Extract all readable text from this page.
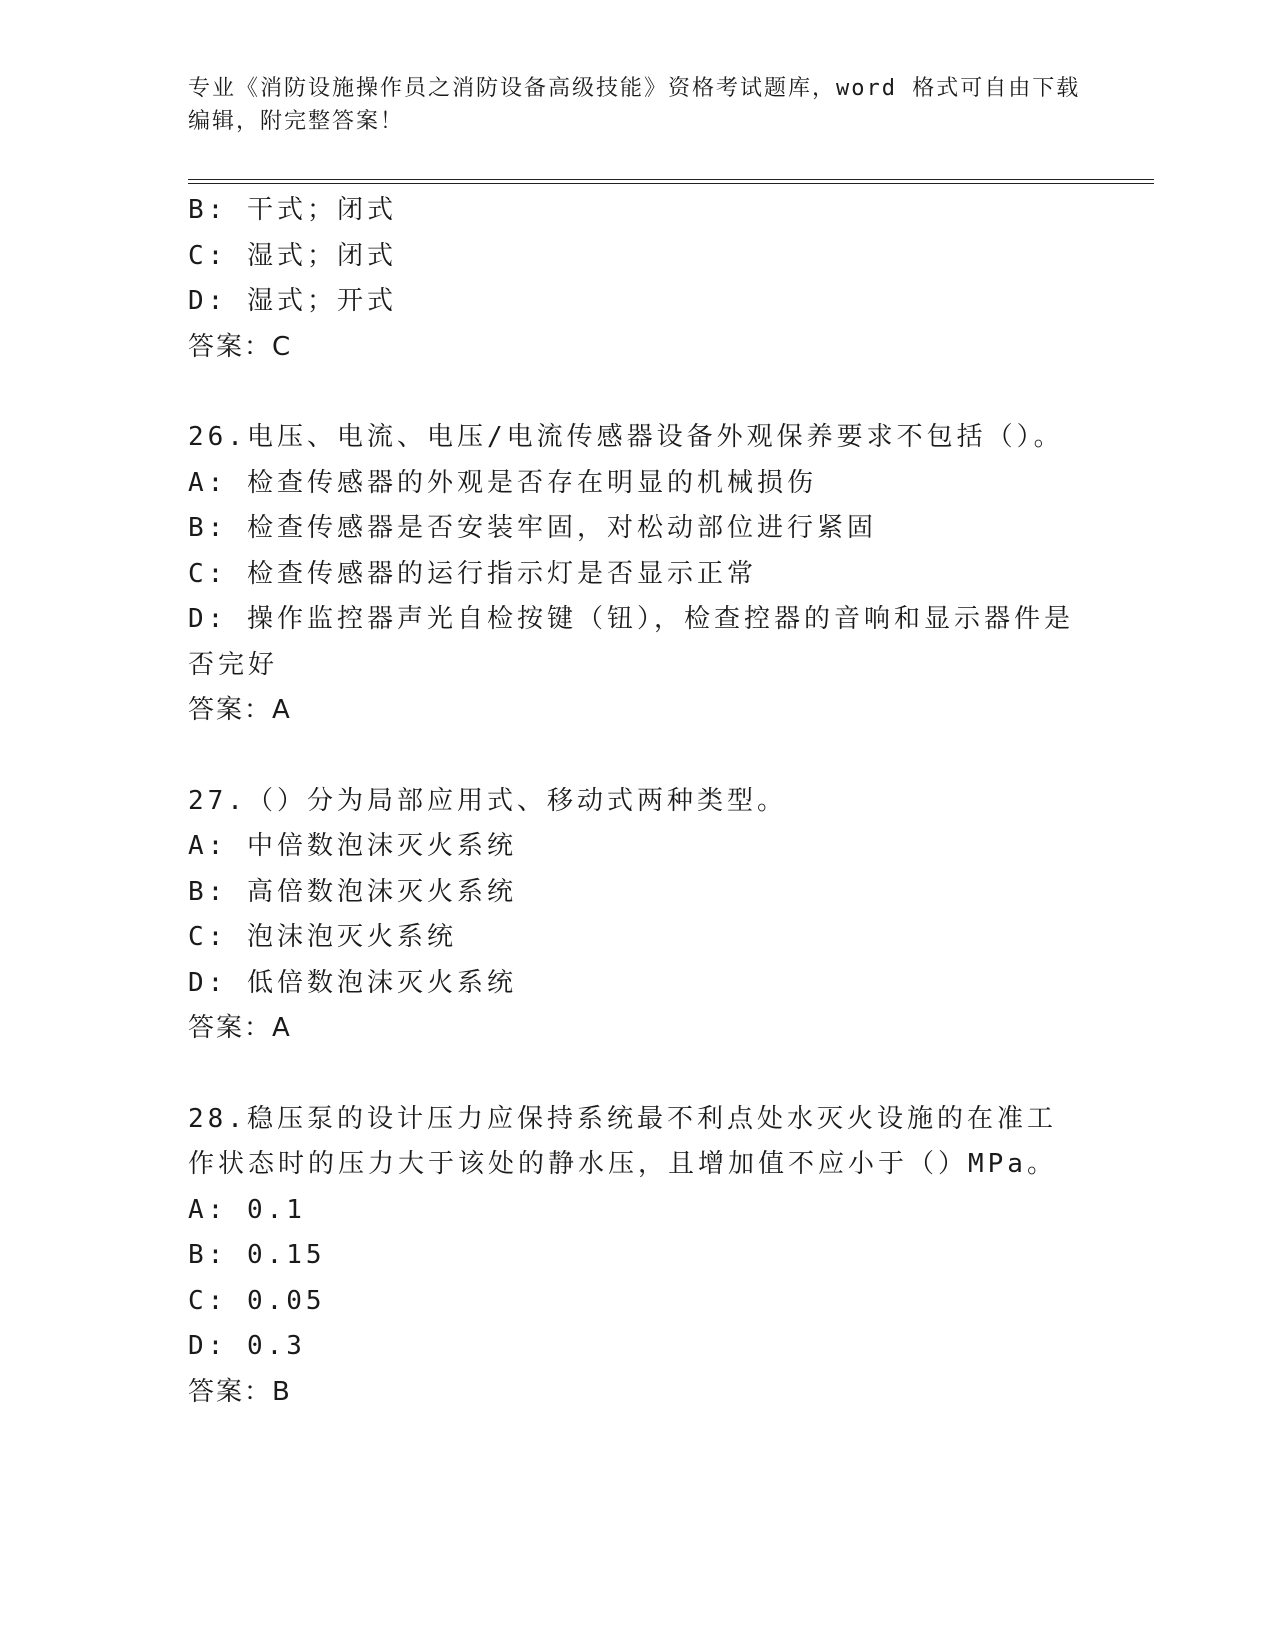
专业《消防设施操作员之消防设备高级技能》资格考试题库，word 格式可自由下载编辑，附完整答案！
B: 干式；闭式
C: 湿式；闭式
D: 湿式；开式
答案：C
26.电压、电流、电压/电流传感器设备外观保养要求不包括（）。
A: 检查传感器的外观是否存在明显的机械损伤
B: 检查传感器是否安装牢固，对松动部位进行紧固
C: 检查传感器的运行指示灯是否显示正常
D: 操作监控器声光自检按键（钮），检查控器的音响和显示器件是否完好
答案：A
27.（）分为局部应用式、移动式两种类型。
A: 中倍数泡沫灭火系统
B: 高倍数泡沫灭火系统
C: 泡沫泡灭火系统
D: 低倍数泡沫灭火系统
答案：A
28.稳压泵的设计压力应保持系统最不利点处水灭火设施的在准工作状态时的压力大于该处的静水压，且增加值不应小于（）MPa。
A: 0.1
B: 0.15
C: 0.05
D: 0.3
答案：B
